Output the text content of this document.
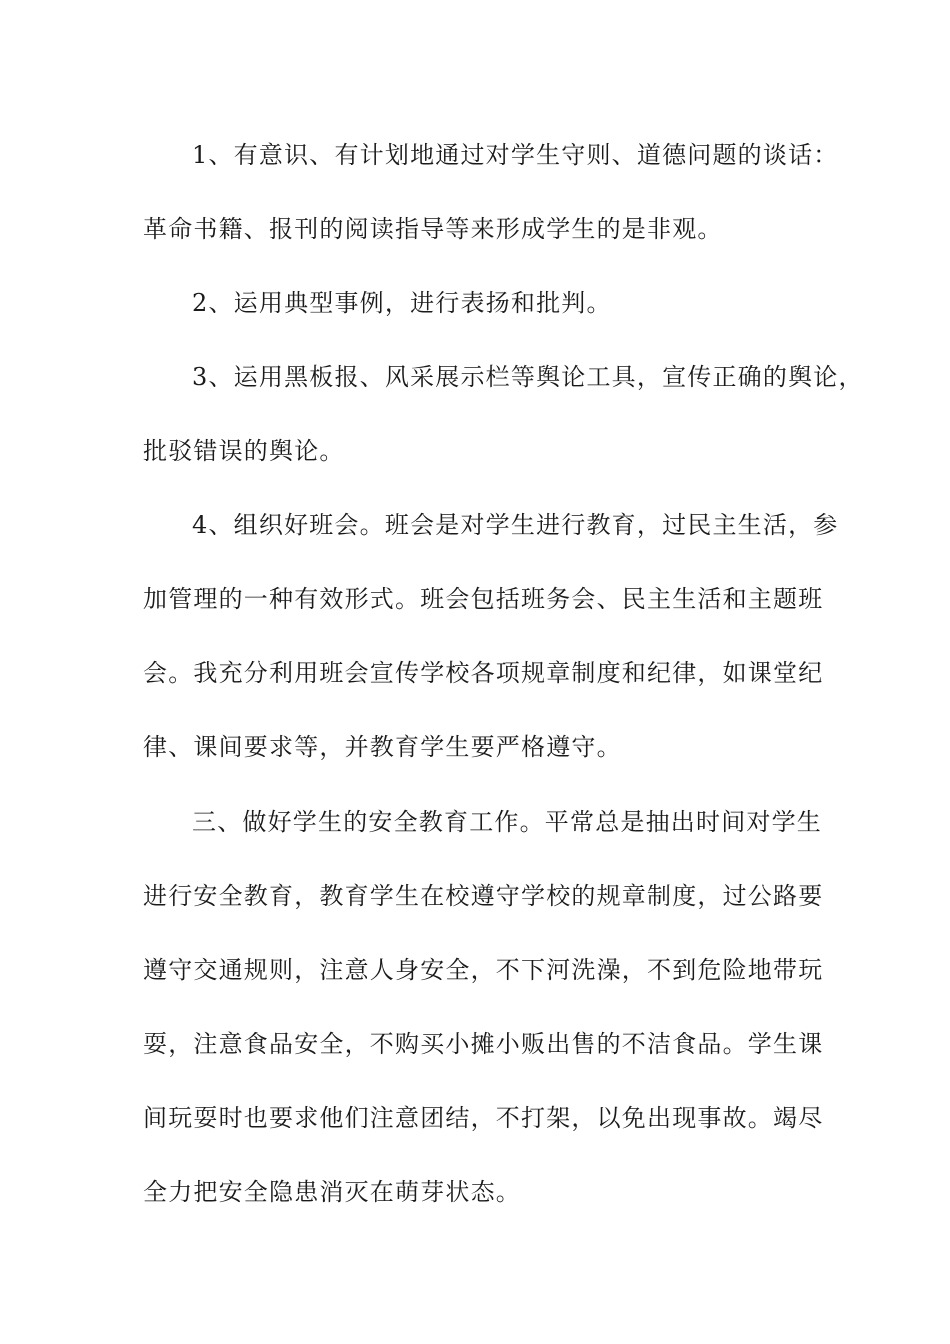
1、有意识、有计划地通过对学生守则、道德问题的谈话：
革命书籍、报刊的阅读指导等来形成学生的是非观。
2、运用典型事例，进行表扬和批判。
3、运用黑板报、风采展示栏等舆论工具，宣传正确的舆论，
批驳错误的舆论。
4、组织好班会。班会是对学生进行教育，过民主生活，参
加管理的一种有效形式。班会包括班务会、民主生活和主题班
会。我充分利用班会宣传学校各项规章制度和纪律，如课堂纪
律、课间要求等，并教育学生要严格遵守。
三、做好学生的安全教育工作。平常总是抽出时间对学生
进行安全教育，教育学生在校遵守学校的规章制度，过公路要
遵守交通规则，注意人身安全，不下河洗澡，不到危险地带玩
耍，注意食品安全，不购买小摊小贩出售的不洁食品。学生课
间玩耍时也要求他们注意团结，不打架，以免出现事故。竭尽
全力把安全隐患消灭在萌芽状态。
